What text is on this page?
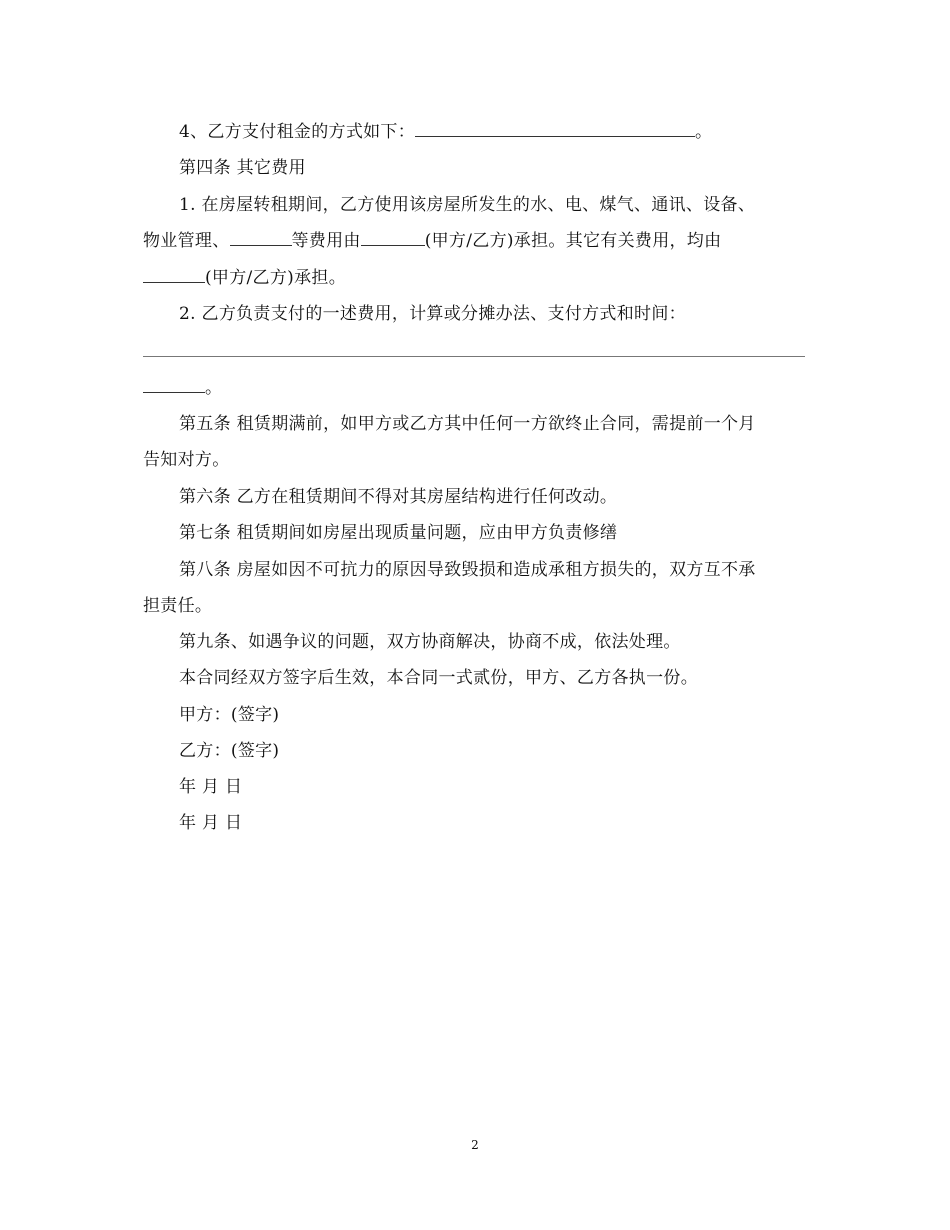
4、乙方支付租金的方式如下：	。
第四条 其它费用
1. 在房屋转租期间，乙方使用该房屋所发生的水、电、煤气、通讯、设备、
物业管理、	等费用由	(甲方/乙方)承担。其它有关费用，均由
(甲方/乙方)承担。
2. 乙方负责支付的一述费用，计算或分摊办法、支付方式和时间：
。
第五条 租赁期满前，如甲方或乙方其中任何一方欲终止合同，需提前一个月
告知对方。
第六条 乙方在租赁期间不得对其房屋结构进行任何改动。
第七条 租赁期间如房屋出现质量问题，应由甲方负责修缮
第八条 房屋如因不可抗力的原因导致毁损和造成承租方损失的，双方互不承
担责任。
第九条、如遇争议的问题，双方协商解决，协商不成，依法处理。
本合同经双方签字后生效，本合同一式贰份，甲方、乙方各执一份。
甲方：(签字)
乙方：(签字)
年 月 日
年 月 日
2
